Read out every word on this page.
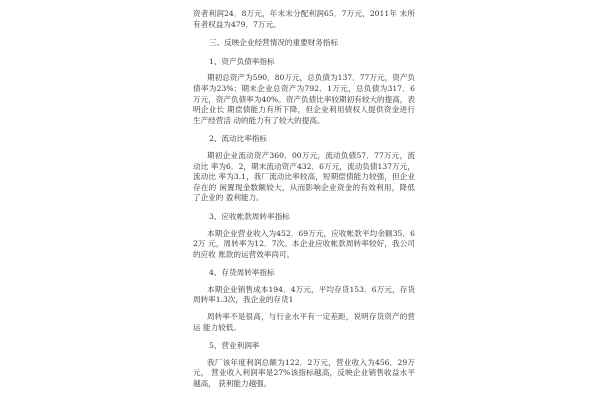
资者利润24．8万元，年末未分配利润65．7万元，2011年 末所有者权益为479．7万元。

三、反映企业经营情况的重要财务指标

1、资产负债率指标

期初总资产为590．80万元，总负债为137．77万元，资产负债率为23%；期末企业总资产为792．1万元，总负债为317．6万元，资产负债率为40%。资产负债比率较期初有较大的提高，表明企业长 期偿债能力有所下降，但企业利用债权人提供资金进行生产经营活 动的能力有了较大的提高。

2、流动比率指标

期初企业流动资产360．00万元，流动负债57．77万元，流动比 率为6．2，期末流动资产432．6万元，流动负债137万元，流动比 率为3.1，我厂流动比率较高，短期偿债能力较强，但企业存在的 闲置现金数额较大，从而影响企业资金的有效利用，降低了企业的 盈利能力。

3、应收帐款周转率指标

本期企业营业收入为452．69万元，应收帐款平均余额35．62万 元，周转率为12．7次。本企业应收帐款周转率较好，我公司的应收 账款的运营效率尚可。

4、存货周转率指标

本期企业销售成本194．4万元，平均存货153．6万元，存货周转率1.3次，我企业的存货1

周转率不是很高，与行业水平有一定差距，说明存货资产的营运 能力较低。

5、营业利润率

我厂该年度利润总额为122．2万元，营业收入为456．29万元， 营业收入利润率是27%该指标越高，反映企业销售收益水平越高， 获利能力越强。
